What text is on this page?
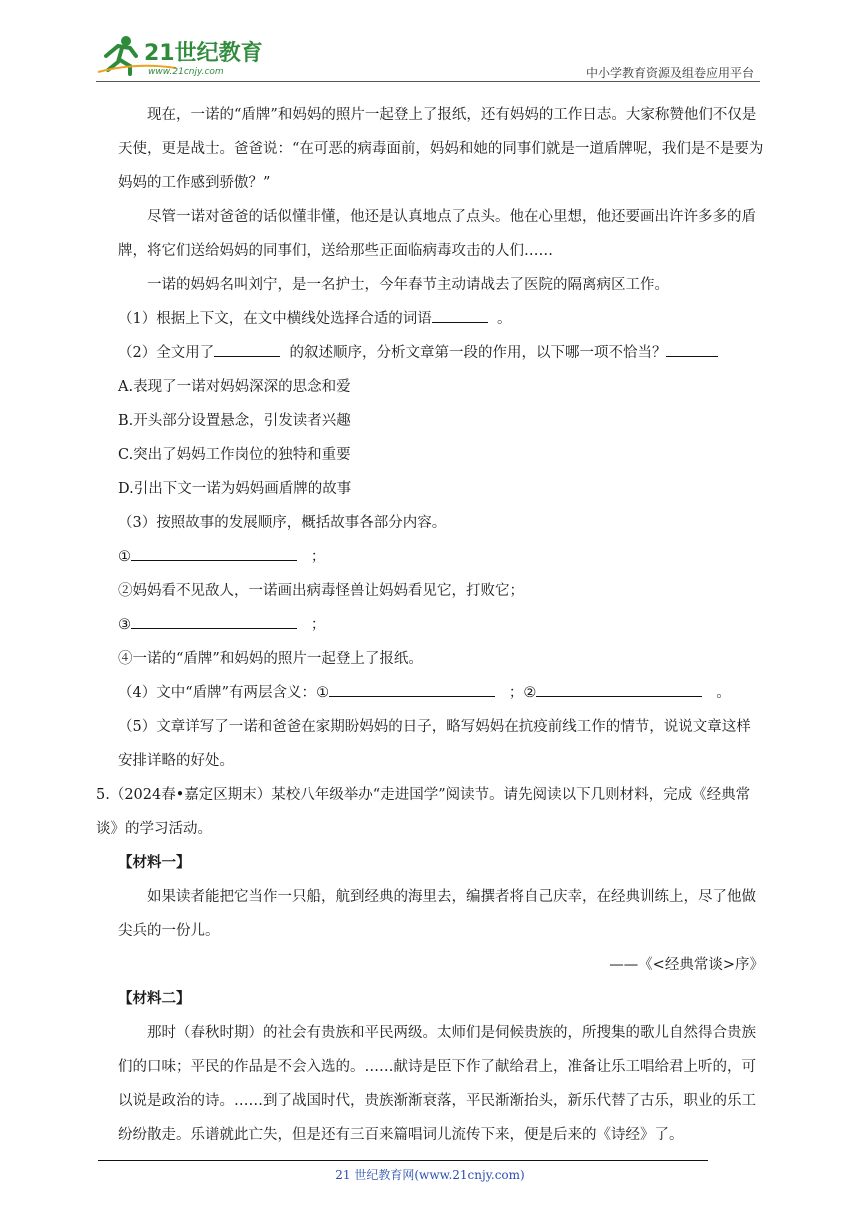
21世纪教育
www.21cnjy.com	中小学教育资源及组卷应用平台

现在，一诺的“盾牌”和妈妈的照片一起登上了报纸，还有妈妈的工作日志。大家称赞他们不仅是天使，更是战士。爸爸说：“在可恶的病毒面前，妈妈和她的同事们就是一道盾牌呢，我们是不是要为妈妈的工作感到骄傲？”

尽管一诺对爸爸的话似懂非懂，他还是认真地点了点头。他在心里想，他还要画出许许多多的盾牌，将它们送给妈妈的同事们，送给那些正面临病毒攻击的人们……

一诺的妈妈名叫刘宁，是一名护士，今年春节主动请战去了医院的隔离病区工作。

（1）根据上下文，在文中横线处选择合适的词语	。

（2）全文用了	的叙述顺序，分析文章第一段的作用，以下哪一项不恰当？

A.表现了一诺对妈妈深深的思念和爱

B.开头部分设置悬念，引发读者兴趣

C.突出了妈妈工作岗位的独特和重要

D.引出下文一诺为妈妈画盾牌的故事

（3）按照故事的发展顺序，概括故事各部分内容。

①	；

②妈妈看不见敌人，一诺画出病毒怪兽让妈妈看见它，打败它；

③	；

④一诺的“盾牌”和妈妈的照片一起登上了报纸。

（4）文中“盾牌”有两层含义：①	；②	。

（5）文章详写了一诺和爸爸在家期盼妈妈的日子，略写妈妈在抗疫前线工作的情节，说说文章这样安排详略的好处。

5.（2024春•嘉定区期末）某校八年级举办“走进国学”阅读节。请先阅读以下几则材料，完成《经典常谈》的学习活动。

【材料一】

如果读者能把它当作一只船，航到经典的海里去，编撰者将自己庆幸，在经典训练上，尽了他做尖兵的一份儿。

——《<经典常谈>序》

【材料二】

那时（春秋时期）的社会有贵族和平民两级。太师们是伺候贵族的，所搜集的歌儿自然得合贵族们的口味；平民的作品是不会入选的。……献诗是臣下作了献给君上，准备让乐工唱给君上听的，可以说是政治的诗。……到了战国时代，贵族渐渐衰落，平民渐渐抬头，新乐代替了古乐，职业的乐工纷纷散走。乐谱就此亡失，但是还有三百来篇唱词儿流传下来，便是后来的《诗经》了。

21 世纪教育网(www.21cnjy.com)
